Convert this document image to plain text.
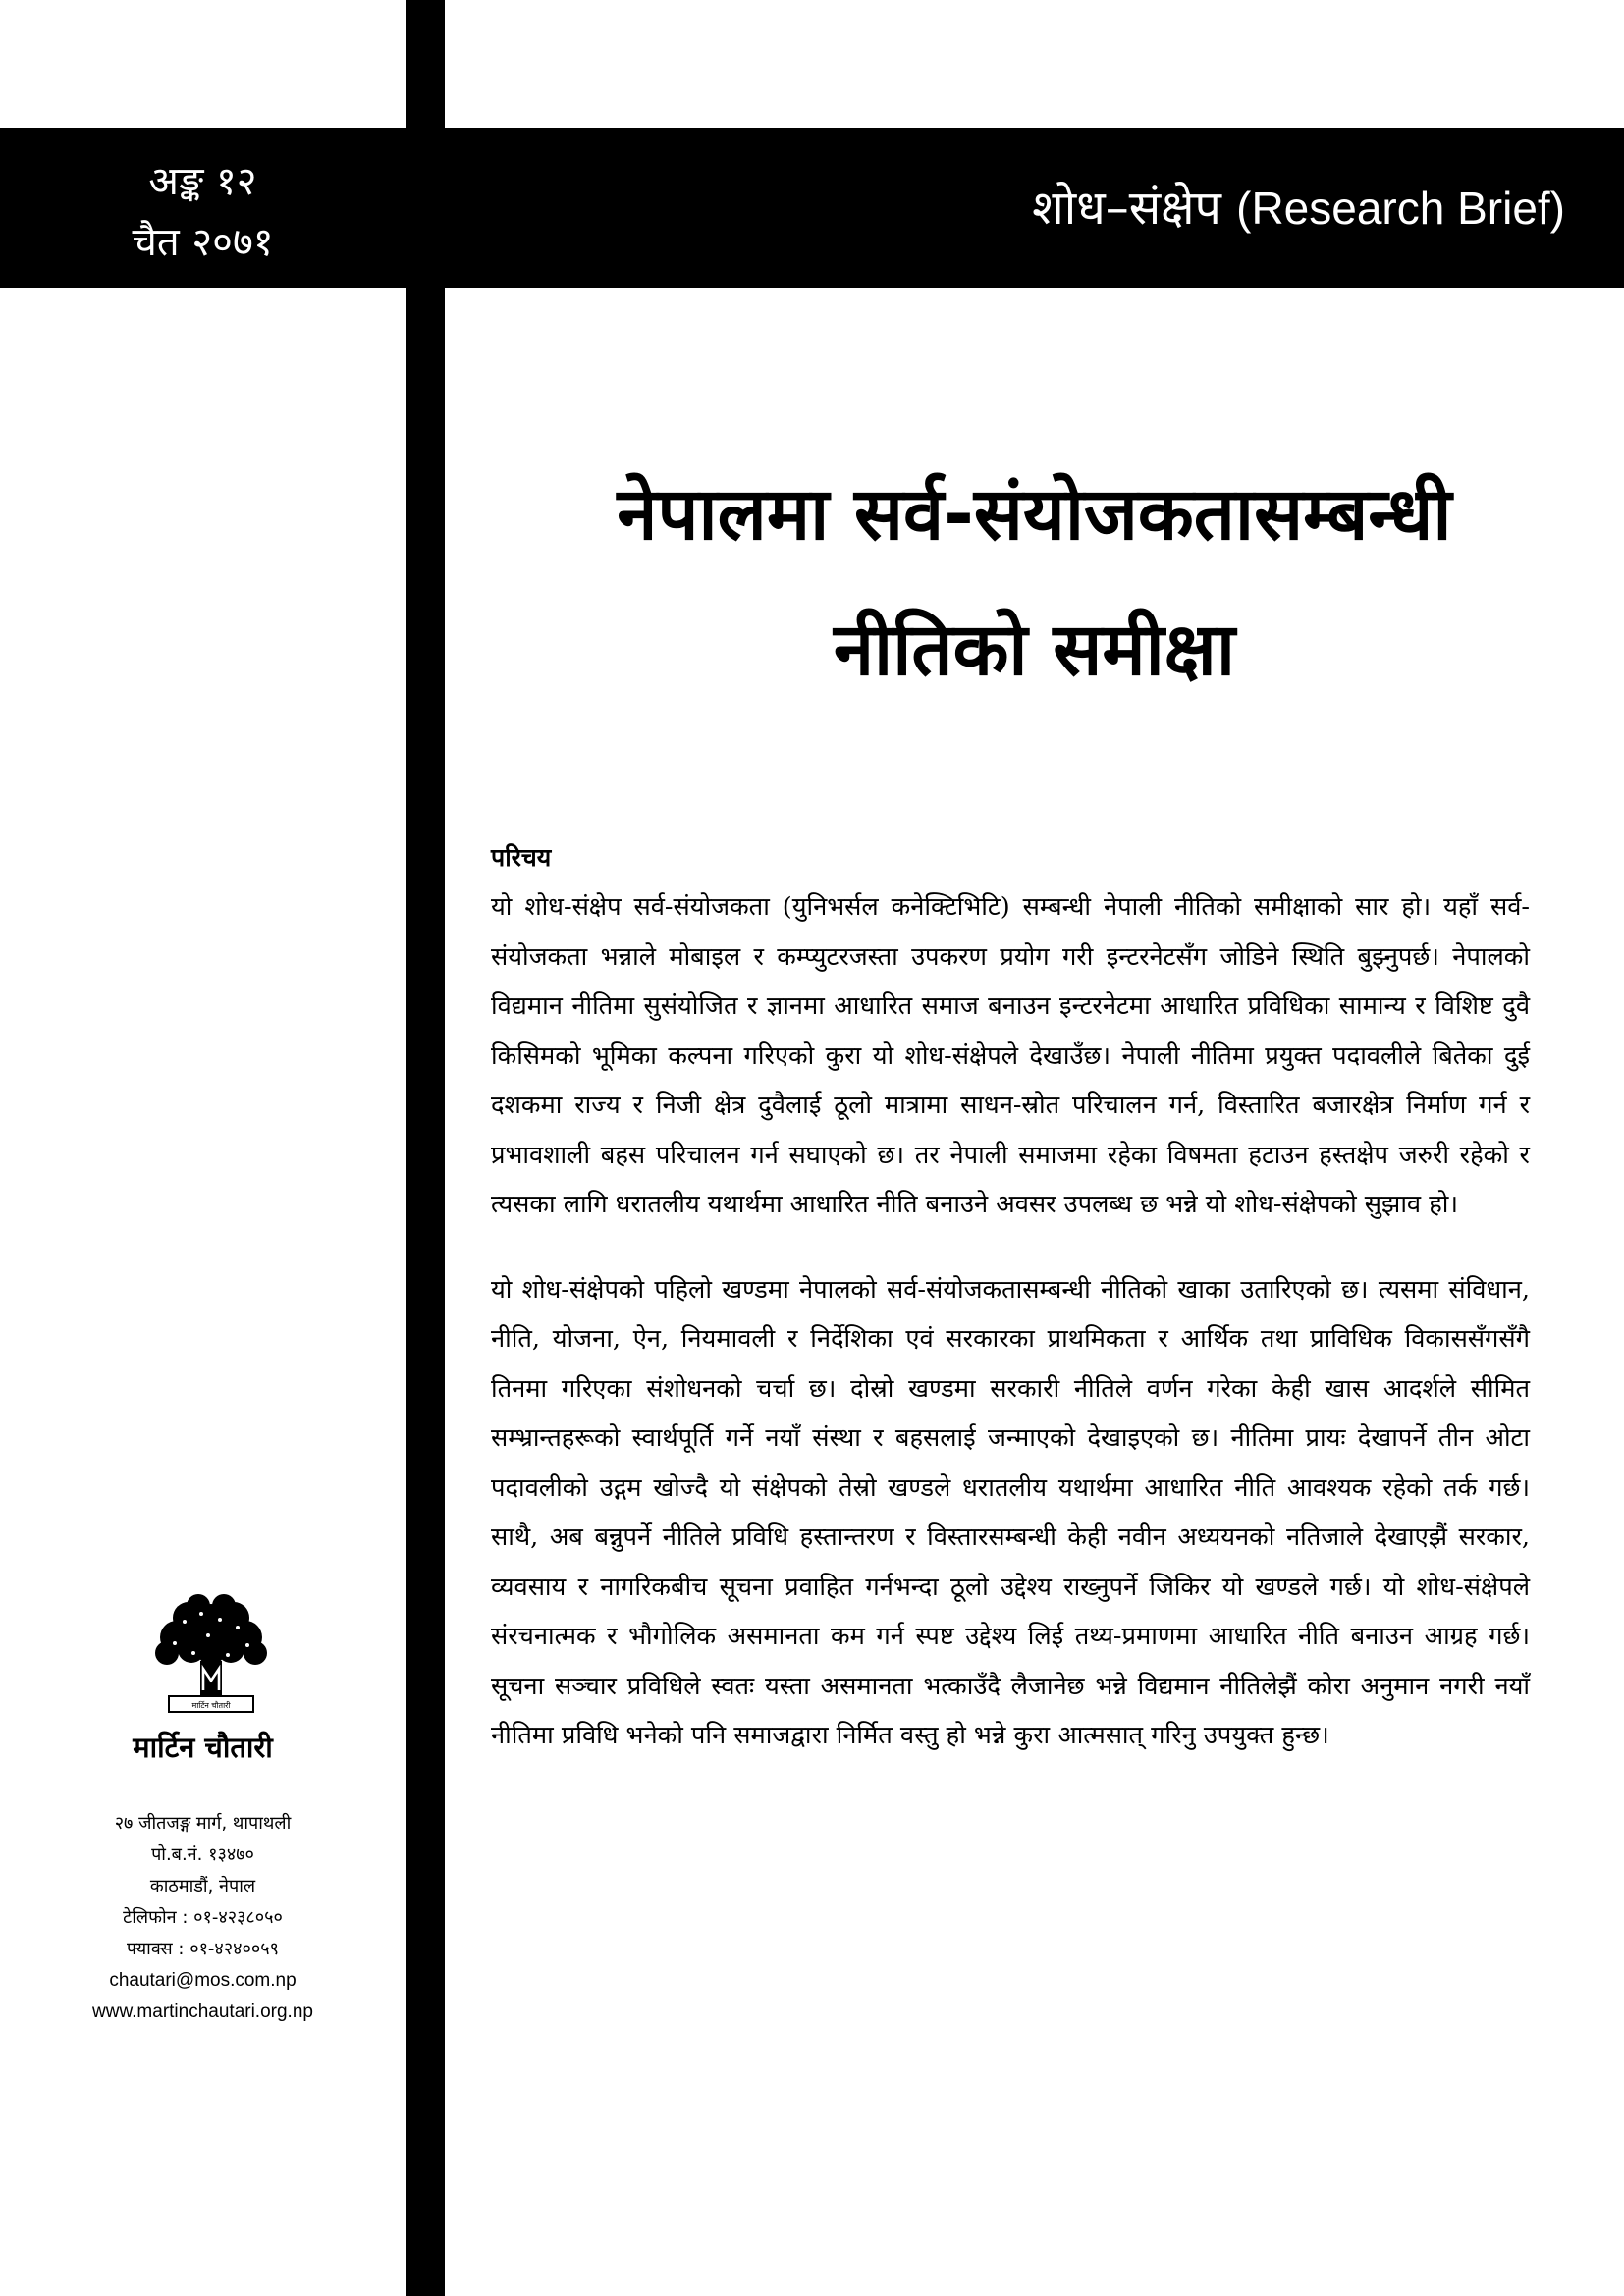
अङ्क १२
चैत २०७१
शोध–संक्षेप (Research Brief)
नेपालमा सर्व-संयोजकतासम्बन्धी
नीतिको समीक्षा
परिचय

यो शोध-संक्षेप सर्व-संयोजकता (युनिभर्सल कनेक्टिभिटि) सम्बन्धी नेपाली नीतिको समीक्षाको सार हो। यहाँ सर्व-संयोजकता भन्नाले मोबाइल र कम्प्युटरजस्ता उपकरण प्रयोग गरी इन्टरनेटसँग जोडिने स्थिति बुझ्नुपर्छ। नेपालको विद्यमान नीतिमा सुसंयोजित र ज्ञानमा आधारित समाज बनाउन इन्टरनेटमा आधारित प्रविधिका सामान्य र विशिष्ट दुवै किसिमको भूमिका कल्पना गरिएको कुरा यो शोध-संक्षेपले देखाउँछ। नेपाली नीतिमा प्रयुक्त पदावलीले बितेका दुई दशकमा राज्य र निजी क्षेत्र दुवैलाई ठूलो मात्रामा साधन-स्रोत परिचालन गर्न, विस्तारित बजारक्षेत्र निर्माण गर्न र प्रभावशाली बहस परिचालन गर्न सघाएको छ। तर नेपाली समाजमा रहेका विषमता हटाउन हस्तक्षेप जरुरी रहेको र त्यसका लागि धरातलीय यथार्थमा आधारित नीति बनाउने अवसर उपलब्ध छ भन्ने यो शोध-संक्षेपको सुझाव हो।

यो शोध-संक्षेपको पहिलो खण्डमा नेपालको सर्व-संयोजकतासम्बन्धी नीतिको खाका उतारिएको छ। त्यसमा संविधान, नीति, योजना, ऐन, नियमावली र निर्देशिका एवं सरकारका प्राथमिकता र आर्थिक तथा प्राविधिक विकाससँगसँगै तिनमा गरिएका संशोधनको चर्चा छ। दोस्रो खण्डमा सरकारी नीतिले वर्णन गरेका केही खास आदर्शले सीमित सम्भ्रान्तहरूको स्वार्थपूर्ति गर्ने नयाँ संस्था र बहसलाई जन्माएको देखाइएको छ। नीतिमा प्रायः देखापर्ने तीन ओटा पदावलीको उद्गम खोज्दै यो संक्षेपको तेस्रो खण्डले धरातलीय यथार्थमा आधारित नीति आवश्यक रहेको तर्क गर्छ। साथै, अब बन्नुपर्ने नीतिले प्रविधि हस्तान्तरण र विस्तारसम्बन्धी केही नवीन अध्ययनको नतिजाले देखाएझैं सरकार, व्यवसाय र नागरिकबीच सूचना प्रवाहित गर्नभन्दा ठूलो उद्देश्य राख्नुपर्ने जिकिर यो खण्डले गर्छ। यो शोध-संक्षेपले संरचनात्मक र भौगोलिक असमानता कम गर्न स्पष्ट उद्देश्य लिई तथ्य-प्रमाणमा आधारित नीति बनाउन आग्रह गर्छ। सूचना सञ्चार प्रविधिले स्वतः यस्ता असमानता भत्काउँदै लैजानेछ भन्ने विद्यमान नीतिलेझैं कोरा अनुमान नगरी नयाँ नीतिमा प्रविधि भनेको पनि समाजद्वारा निर्मित वस्तु हो भन्ने कुरा आत्मसात् गरिनु उपयुक्त हुन्छ।

मार्टिन चौतारी
मार्टिन चौतारी
२७ जीतजङ्ग मार्ग, थापाथली
पो.ब.नं. १३४७०
काठमाडौं, नेपाल
टेलिफोन : ०१-४२३८०५०
फ्याक्स : ०१-४२४००५९
chautari@mos.com.np
www.martinchautari.org.np
